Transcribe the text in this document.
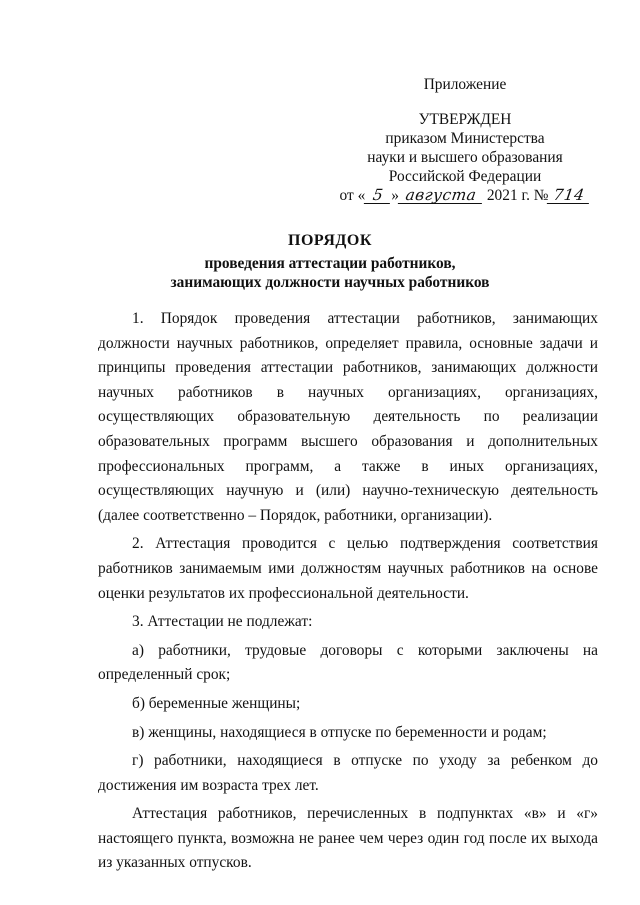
Приложение
УТВЕРЖДЕН
приказом Министерства
науки и высшего образования
Российской Федерации
от « 5 » августа 2021 г. № 714
ПОРЯДОК
проведения аттестации работников,
занимающих должности научных работников

1. Порядок проведения аттестации работников, занимающих должности научных работников, определяет правила, основные задачи и принципы проведения аттестации работников, занимающих должности научных работников в научных организациях, организациях, осуществляющих образовательную деятельность по реализации образовательных программ высшего образования и дополнительных профессиональных программ, а также в иных организациях, осуществляющих научную и (или) научно-техническую деятельность (далее соответственно – Порядок, работники, организации).

2. Аттестация проводится с целью подтверждения соответствия работников занимаемым ими должностям научных работников на основе оценки результатов их профессиональной деятельности.

3. Аттестации не подлежат:

а) работники, трудовые договоры с которыми заключены на определенный срок;

б) беременные женщины;

в) женщины, находящиеся в отпуске по беременности и родам;

г) работники, находящиеся в отпуске по уходу за ребенком до достижения им возраста трех лет.

Аттестация работников, перечисленных в подпунктах «в» и «г» настоящего пункта, возможна не ранее чем через один год после их выхода из указанных отпусков.
